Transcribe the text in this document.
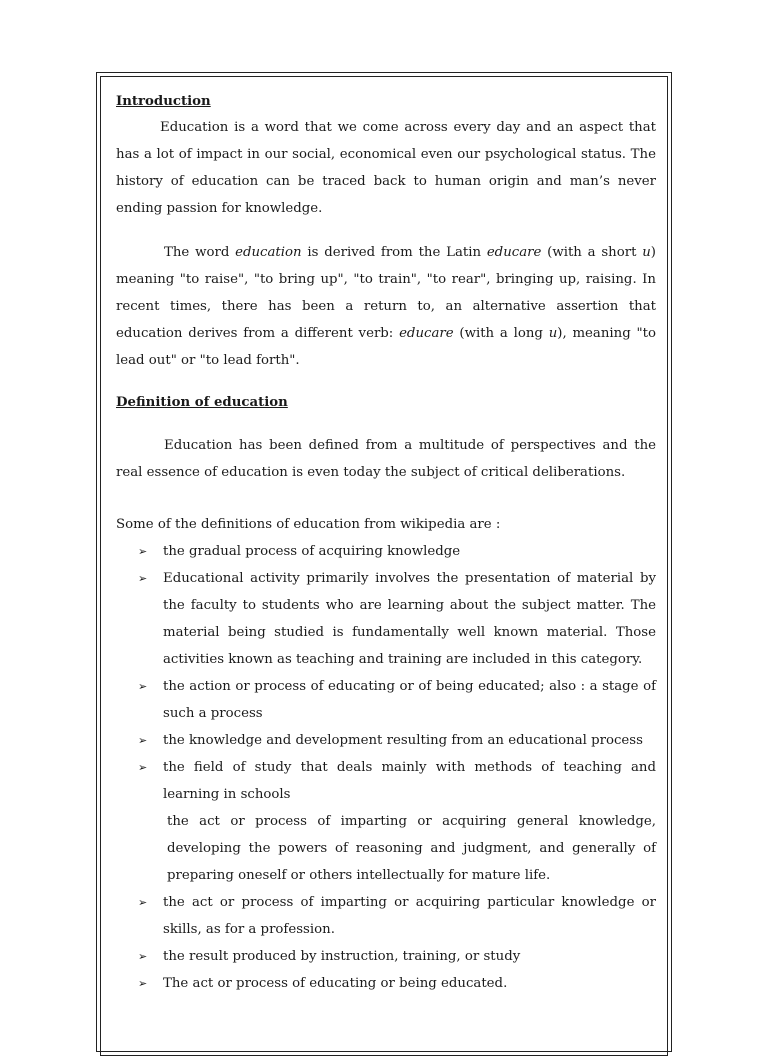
Introduction

Education is a word that we come across every day and an aspect that has a lot of impact in our social, economical even our psychological status. The history of education can be traced back to human origin and man’s never ending passion for knowledge.

The word education is derived from the Latin educare (with a short u) meaning "to raise", "to bring up", "to train", "to rear", bringing up, raising. In recent times, there has been a return to, an alternative assertion that education derives from a different verb: educare (with a long u), meaning "to lead out" or "to lead forth".

Definition of education

Education has been defined from a multitude of perspectives and the real essence of education is even today the subject of critical deliberations.

Some of the definitions of education from wikipedia are :
➢ the gradual process of acquiring knowledge
➢ Educational activity primarily involves the presentation of material by the faculty to students who are learning about the subject matter. The material being studied is fundamentally well known material. Those activities known as teaching and training are included in this category.
➢ the action or process of educating or of being educated; also : a stage of such a process
➢ the knowledge and development resulting from an educational process
➢ the field of study that deals mainly with methods of teaching and learning in schools
the act or process of imparting or acquiring general knowledge, developing the powers of reasoning and judgment, and generally of preparing oneself or others intellectually for mature life.
➢ the act or process of imparting or acquiring particular knowledge or skills, as for a profession.
➢ the result produced by instruction, training, or study
➢ The act or process of educating or being educated.
